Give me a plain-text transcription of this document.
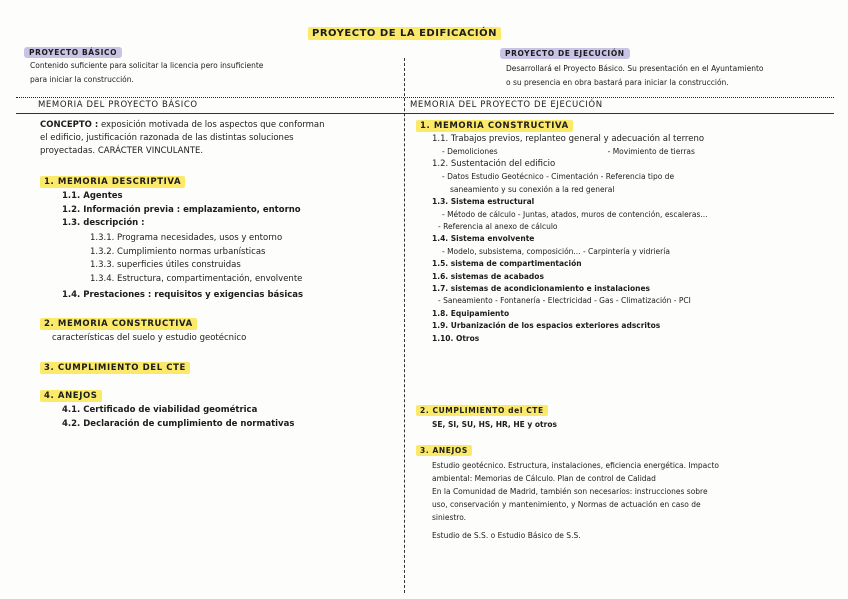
PROYECTO DE LA EDIFICACIÓN
PROYECTO BÁSICO
Contenido suficiente para solicitar la licencia pero insuficiente
para iniciar la construcción.
PROYECTO DE EJECUCIÓN
Desarrollará el Proyecto Básico. Su presentación en el Ayuntamiento
o su presencia en obra bastará para iniciar la construcción.
MEMORIA DEL PROYECTO BÁSICO	MEMORIA DEL PROYECTO DE EJECUCIÓN
CONCEPTO : exposición motivada de los aspectos que conforman
el edificio, justificación razonada de las distintas soluciones
proyectadas. CARÁCTER VINCULANTE.
1. MEMORIA DESCRIPTIVA
1.1. Agentes
1.2. Información previa : emplazamiento, entorno
1.3. descripción :
1.3.1. Programa necesidades, usos y entorno
1.3.2. Cumplimiento normas urbanísticas
1.3.3. superficies útiles construidas
1.3.4. Estructura, compartimentación, envolvente
1.4. Prestaciones : requisitos y exigencias básicas
2. MEMORIA CONSTRUCTIVA
características del suelo y estudio geotécnico
3. CUMPLIMIENTO DEL CTE
4. ANEJOS
4.1. Certificado de viabilidad geométrica
4.2. Declaración de cumplimiento de normativas
1. MEMORIA CONSTRUCTIVA
1.1. Trabajos previos, replanteo general y adecuación al terreno
- Demoliciones	- Movimiento de tierras
1.2. Sustentación del edificio
- Datos Estudio Geotécnico - Cimentación - Referencia tipo de
saneamiento y su conexión a la red general
1.3. Sistema estructural
- Método de cálculo - Juntas, atados, muros de contención, escaleras...
- Referencia al anexo de cálculo
1.4. Sistema envolvente
- Modelo, subsistema, composición... - Carpintería y vidriería
1.5. sistema de compartimentación
1.6. sistemas de acabados
1.7. sistemas de acondicionamiento e instalaciones
- Saneamiento - Fontanería - Electricidad - Gas - Climatización - PCI
1.8. Equipamiento
1.9. Urbanización de los espacios exteriores adscritos
1.10. Otros
2. CUMPLIMIENTO del CTE
SE, SI, SU, HS, HR, HE y otros
3. ANEJOS
Estudio geotécnico. Estructura, instalaciones, eficiencia energética. Impacto
ambiental: Memorias de Cálculo. Plan de control de Calidad
En la Comunidad de Madrid, también son necesarios: instrucciones sobre
uso, conservación y mantenimiento, y Normas de actuación en caso de
siniestro.
Estudio de S.S. o Estudio Básico de S.S.
